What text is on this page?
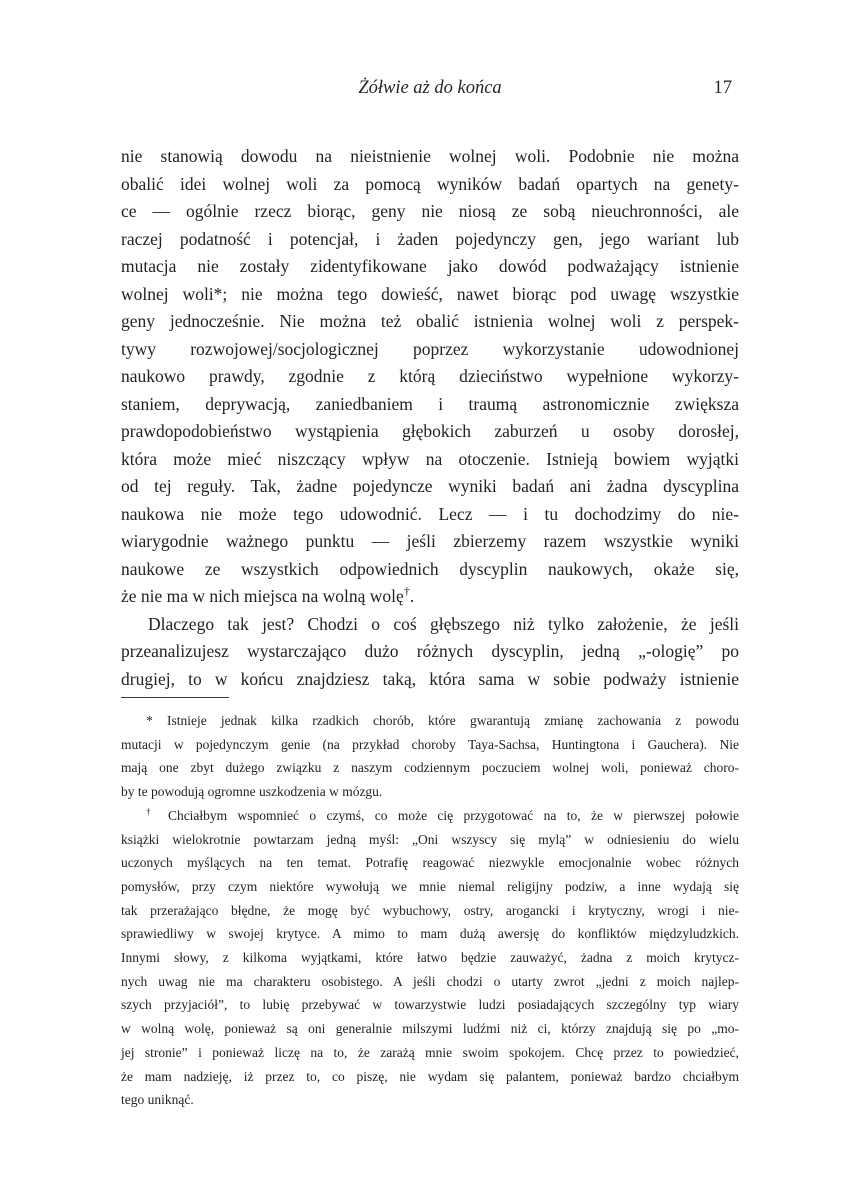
Żółwie aż do końca	17
nie stanowią dowodu na nieistnienie wolnej woli. Podobnie nie można
obalić idei wolnej woli za pomocą wyników badań opartych na genety-
ce — ogólnie rzecz biorąc, geny nie niosą ze sobą nieuchronności, ale
raczej podatność i potencjał, i żaden pojedynczy gen, jego wariant lub
mutacja nie zostały zidentyfikowane jako dowód podważający istnienie
wolnej woli*; nie można tego dowieść, nawet biorąc pod uwagę wszystkie
geny jednocześnie. Nie można też obalić istnienia wolnej woli z perspek-
tywy rozwojowej/socjologicznej poprzez wykorzystanie udowodnionej
naukowo prawdy, zgodnie z którą dzieciństwo wypełnione wykorzy-
staniem, deprywacją, zaniedbaniem i traumą astronomicznie zwiększa
prawdopodobieństwo wystąpienia głębokich zaburzeń u osoby dorosłej,
która może mieć niszczący wpływ na otoczenie. Istnieją bowiem wyjątki
od tej reguły. Tak, żadne pojedyncze wyniki badań ani żadna dyscyplina
naukowa nie może tego udowodnić. Lecz — i tu dochodzimy do nie-
wiarygodnie ważnego punktu — jeśli zbierzemy razem wszystkie wyniki
naukowe ze wszystkich odpowiednich dyscyplin naukowych, okaże się,
że nie ma w nich miejsca na wolną wolę†.
Dlaczego tak jest? Chodzi o coś głębszego niż tylko założenie, że jeśli
przeanalizujesz wystarczająco dużo różnych dyscyplin, jedną „-ologię” po
drugiej, to w końcu znajdziesz taką, która sama w sobie podważy istnienie
* Istnieje jednak kilka rzadkich chorób, które gwarantują zmianę zachowania z powodu
mutacji w pojedynczym genie (na przykład choroby Taya-Sachsa, Huntingtona i Gauchera). Nie
mają one zbyt dużego związku z naszym codziennym poczuciem wolnej woli, ponieważ choro-
by te powodują ogromne uszkodzenia w mózgu.
† Chciałbym wspomnieć o czymś, co może cię przygotować na to, że w pierwszej połowie
książki wielokrotnie powtarzam jedną myśl: „Oni wszyscy się mylą” w odniesieniu do wielu
uczonych myślących na ten temat. Potrafię reagować niezwykle emocjonalnie wobec różnych
pomysłów, przy czym niektóre wywołują we mnie niemal religijny podziw, a inne wydają się
tak przerażająco błędne, że mogę być wybuchowy, ostry, arogancki i krytyczny, wrogi i nie-
sprawiedliwy w swojej krytyce. A mimo to mam dużą awersję do konfliktów międzyludzkich.
Innymi słowy, z kilkoma wyjątkami, które łatwo będzie zauważyć, żadna z moich krytycz-
nych uwag nie ma charakteru osobistego. A jeśli chodzi o utarty zwrot „jedni z moich najlep-
szych przyjaciół”, to lubię przebywać w towarzystwie ludzi posiadających szczególny typ wiary
w wolną wolę, ponieważ są oni generalnie milszymi ludźmi niż ci, którzy znajdują się po „mo-
jej stronie” i ponieważ liczę na to, że zarażą mnie swoim spokojem. Chcę przez to powiedzieć,
że mam nadzieję, iż przez to, co piszę, nie wydam się palantem, ponieważ bardzo chciałbym
tego uniknąć.
